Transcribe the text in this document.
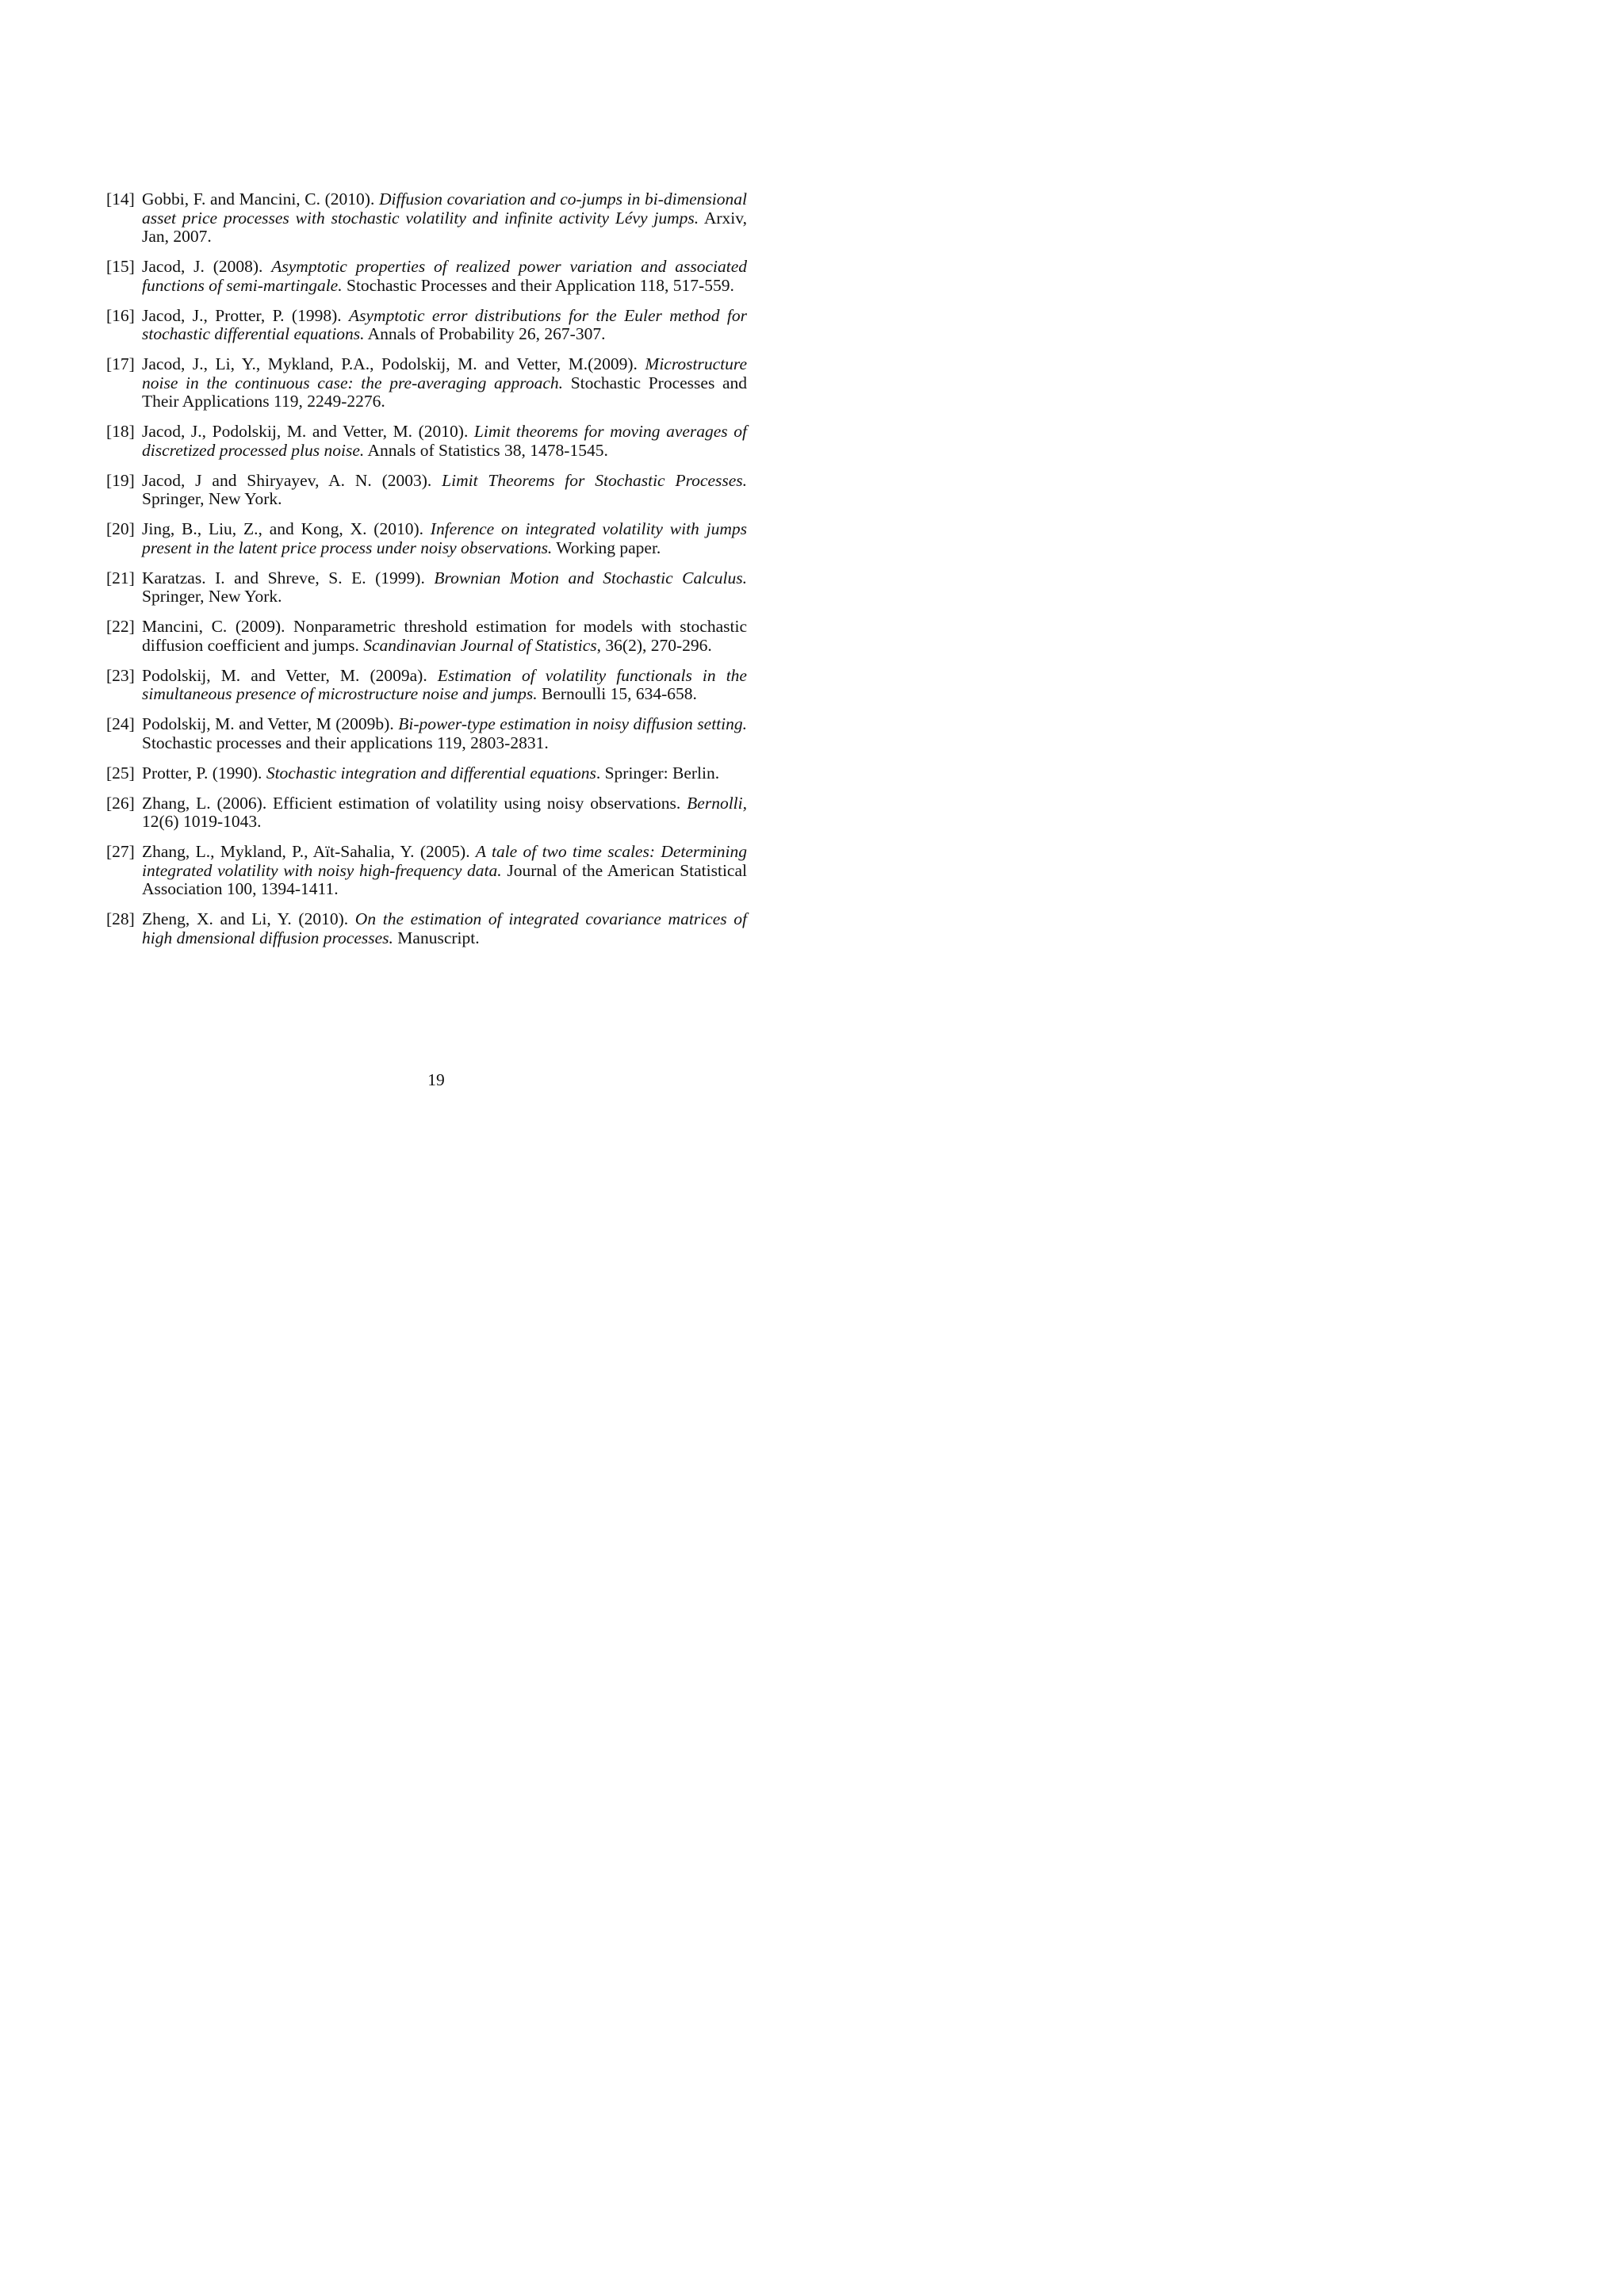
[14] Gobbi, F. and Mancini, C. (2010). Diffusion covariation and co-jumps in bi-dimensional asset price processes with stochastic volatility and infinite activity Lévy jumps. Arxiv, Jan, 2007.
[15] Jacod, J. (2008). Asymptotic properties of realized power variation and associated functions of semi-martingale. Stochastic Processes and their Application 118, 517-559.
[16] Jacod, J., Protter, P. (1998). Asymptotic error distributions for the Euler method for stochastic differential equations. Annals of Probability 26, 267-307.
[17] Jacod, J., Li, Y., Mykland, P.A., Podolskij, M. and Vetter, M.(2009). Microstructure noise in the continuous case: the pre-averaging approach. Stochastic Processes and Their Applications 119, 2249-2276.
[18] Jacod, J., Podolskij, M. and Vetter, M. (2010). Limit theorems for moving averages of discretized processed plus noise. Annals of Statistics 38, 1478-1545.
[19] Jacod, J and Shiryayev, A. N. (2003). Limit Theorems for Stochastic Processes. Springer, New York.
[20] Jing, B., Liu, Z., and Kong, X. (2010). Inference on integrated volatility with jumps present in the latent price process under noisy observations. Working paper.
[21] Karatzas. I. and Shreve, S. E. (1999). Brownian Motion and Stochastic Calculus. Springer, New York.
[22] Mancini, C. (2009). Nonparametric threshold estimation for models with stochastic diffusion coefficient and jumps. Scandinavian Journal of Statistics, 36(2), 270-296.
[23] Podolskij, M. and Vetter, M. (2009a). Estimation of volatility functionals in the simultaneous presence of microstructure noise and jumps. Bernoulli 15, 634-658.
[24] Podolskij, M. and Vetter, M (2009b). Bi-power-type estimation in noisy diffusion setting. Stochastic processes and their applications 119, 2803-2831.
[25] Protter, P. (1990). Stochastic integration and differential equations. Springer: Berlin.
[26] Zhang, L. (2006). Efficient estimation of volatility using noisy observations. Bernolli, 12(6) 1019-1043.
[27] Zhang, L., Mykland, P., Aït-Sahalia, Y. (2005). A tale of two time scales: Determining integrated volatility with noisy high-frequency data. Journal of the American Statistical Association 100, 1394-1411.
[28] Zheng, X. and Li, Y. (2010). On the estimation of integrated covariance matrices of high dmensional diffusion processes. Manuscript.
19
